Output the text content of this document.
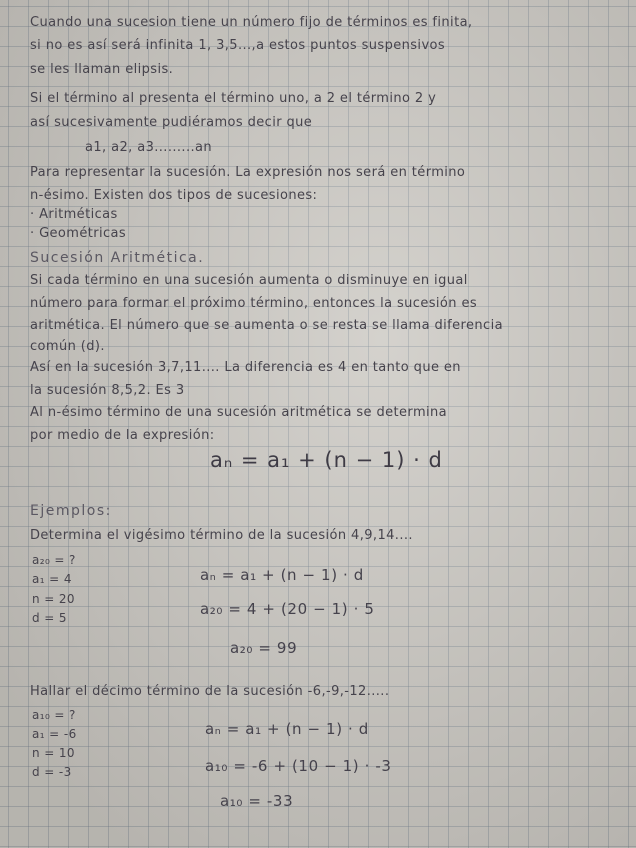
Cuando una sucesion tiene un número fijo de términos es finita,
si no es así será infinita 1, 3,5...,a estos puntos suspensivos
se les llaman elipsis.
Si el término al presenta el término uno, a 2 el término 2 y
así sucesivamente pudiéramos decir que
a1, a2, a3.........an
Para representar la sucesión. La expresión nos será en término
n-ésimo. Existen dos tipos de sucesiones:
· Aritméticas
· Geométricas
Sucesión Aritmética.
Si cada término en una sucesión aumenta o disminuye en igual
número para formar el próximo término, entonces la sucesión es
aritmética. El número que se aumenta o se resta se llama diferencia
común (d).
Así en la sucesión 3,7,11.... La diferencia es 4 en tanto que en
la sucesión 8,5,2. Es 3
Al n-ésimo término de una sucesión aritmética se determina
por medio de la expresión:
aₙ = a₁ + (n − 1) · d
Ejemplos:
Determina el vigésimo término de la sucesión 4,9,14....
a₂₀ = ?
a₁ = 4
n = 20
d = 5
aₙ = a₁ + (n − 1) · d
a₂₀ = 4 + (20 − 1) · 5
a₂₀ = 99
Hallar el décimo término de la sucesión -6,-9,-12.....
a₁₀ = ?
a₁ = -6
n = 10
d = -3
aₙ = a₁ + (n − 1) · d
a₁₀ = -6 + (10 − 1) · -3
a₁₀ = -33
